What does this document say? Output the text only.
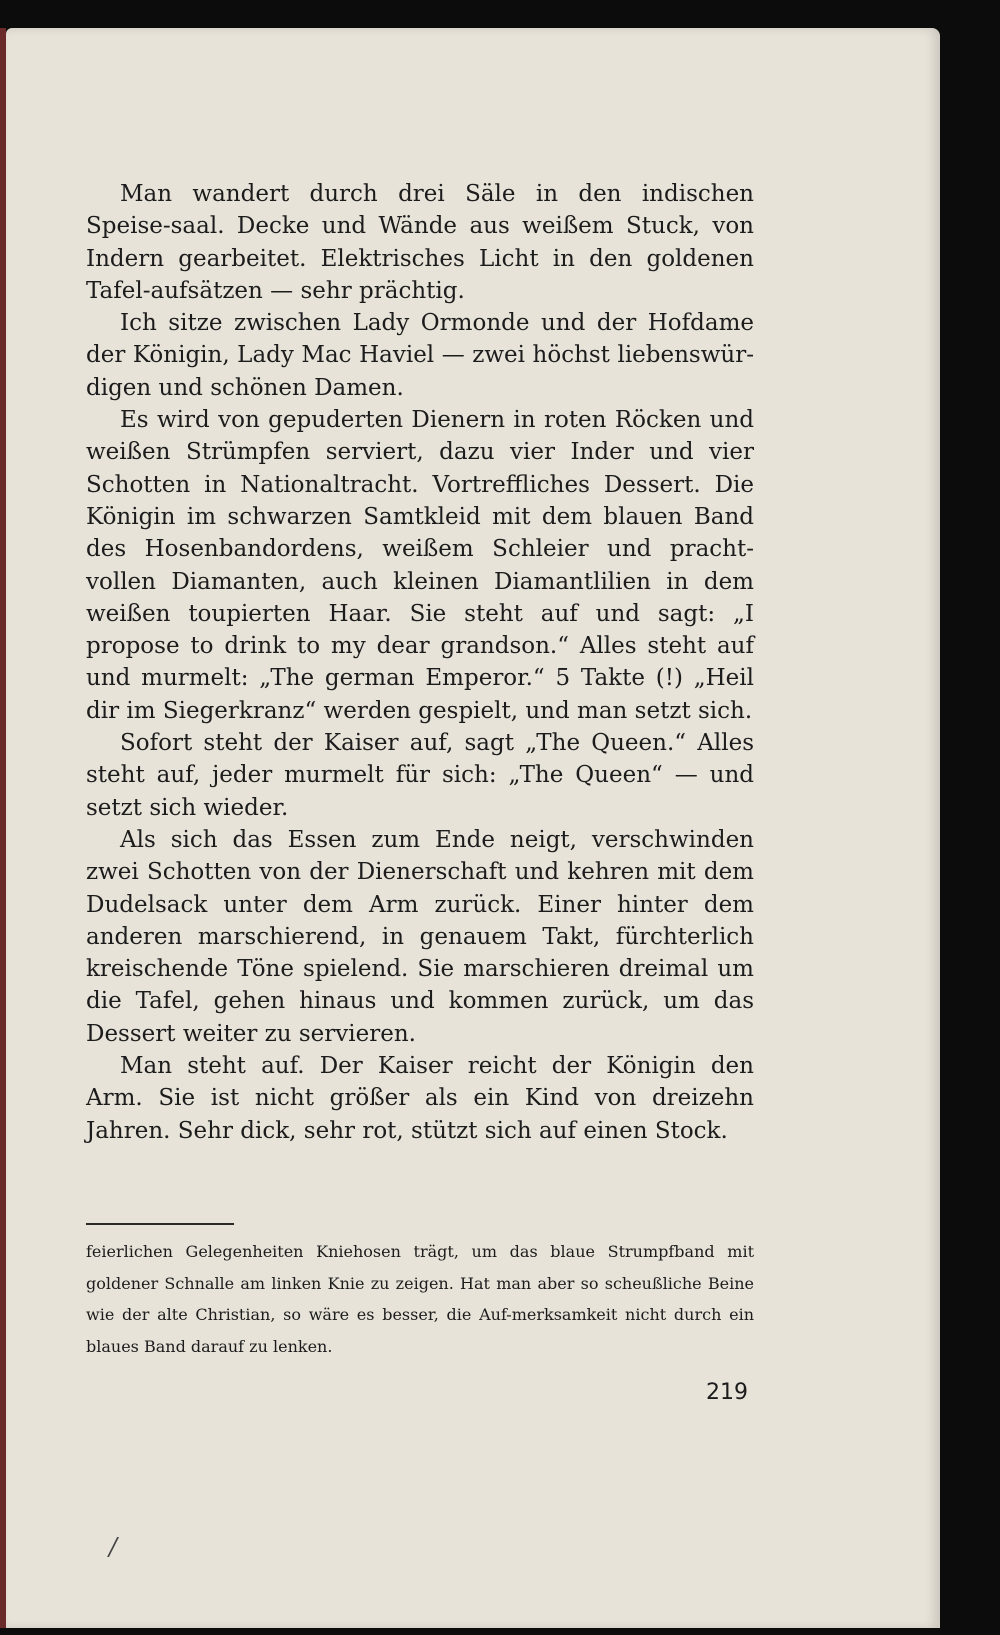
Man wandert durch drei Säle in den indischen Speise-saal. Decke und Wände aus weißem Stuck, von Indern gearbeitet. Elektrisches Licht in den goldenen Tafel-aufsätzen — sehr prächtig.

Ich sitze zwischen Lady Ormonde und der Hofdame der Königin, Lady Mac Haviel — zwei höchst liebenswür-digen und schönen Damen.

Es wird von gepuderten Dienern in roten Röcken und weißen Strümpfen serviert, dazu vier Inder und vier Schotten in Nationaltracht. Vortreffliches Dessert. Die Königin im schwarzen Samtkleid mit dem blauen Band des Hosenbandordens, weißem Schleier und pracht-vollen Diamanten, auch kleinen Diamantlilien in dem weißen toupierten Haar. Sie steht auf und sagt: „I propose to drink to my dear grandson.“ Alles steht auf und murmelt: „The german Emperor.“ 5 Takte (!) „Heil dir im Siegerkranz“ werden gespielt, und man setzt sich.

Sofort steht der Kaiser auf, sagt „The Queen.“ Alles steht auf, jeder murmelt für sich: „The Queen“ — und setzt sich wieder.

Als sich das Essen zum Ende neigt, verschwinden zwei Schotten von der Dienerschaft und kehren mit dem Dudelsack unter dem Arm zurück. Einer hinter dem anderen marschierend, in genauem Takt, fürchterlich kreischende Töne spielend. Sie marschieren dreimal um die Tafel, gehen hinaus und kommen zurück, um das Dessert weiter zu servieren.

Man steht auf. Der Kaiser reicht der Königin den Arm. Sie ist nicht größer als ein Kind von dreizehn Jahren. Sehr dick, sehr rot, stützt sich auf einen Stock.

feierlichen Gelegenheiten Kniehosen trägt, um das blaue Strumpfband mit goldener Schnalle am linken Knie zu zeigen. Hat man aber so scheußliche Beine wie der alte Christian, so wäre es besser, die Auf-merksamkeit nicht durch ein blaues Band darauf zu lenken.

219
/
